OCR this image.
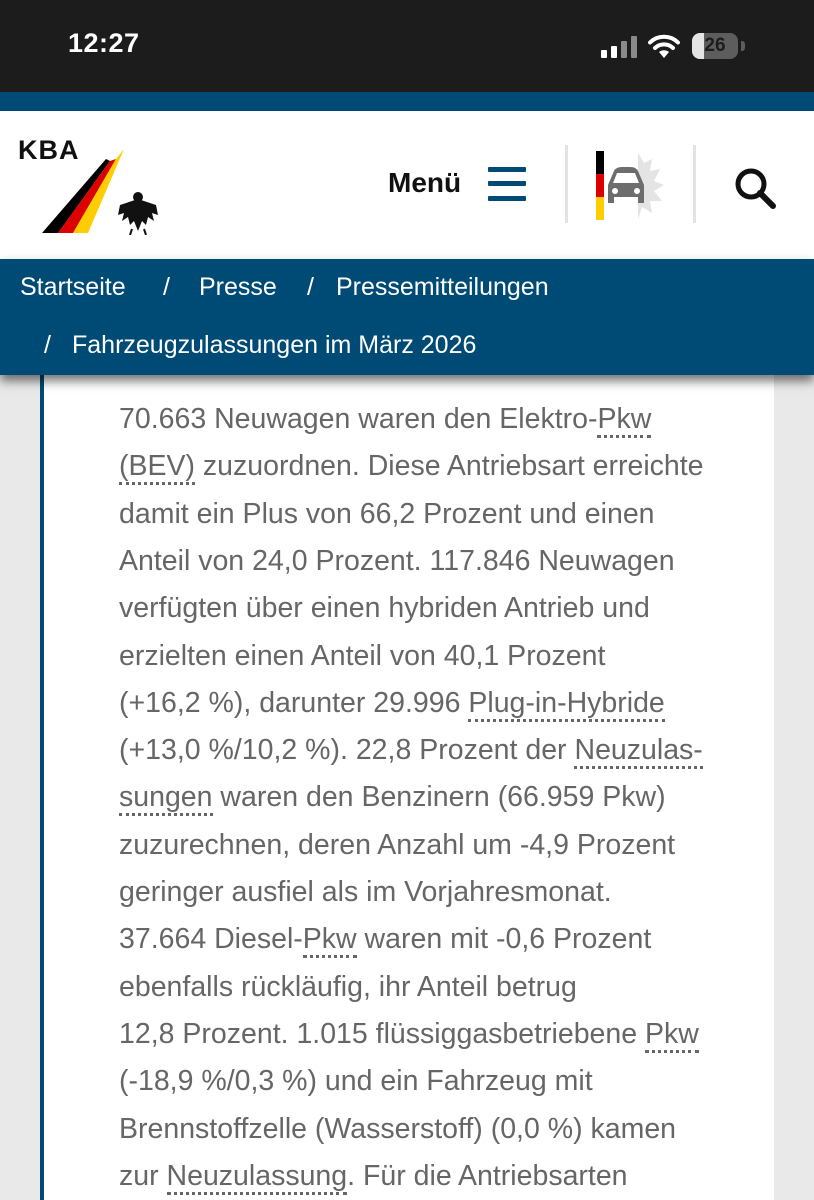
12:27	26
KBA
Menü
Startseite / Presse / Pressemitteilungen
/ Fahrzeugzulassungen im März 2026
70.663 Neuwagen waren den Elektro-Pkw
(BEV) zuzuordnen. Diese Antriebsart erreichte
damit ein Plus von 66,2 Prozent und einen
Anteil von 24,0 Prozent. 117.846 Neuwagen
verfügten über einen hybriden Antrieb und
erzielten einen Anteil von 40,1 Prozent
(+16,2 %), darunter 29.996 Plug-in-Hybride
(+13,0 %/10,2 %). 22,8 Prozent der Neuzulas-
sungen waren den Benzinern (66.959 Pkw)
zuzurechnen, deren Anzahl um -4,9 Prozent
geringer ausfiel als im Vorjahresmonat.
37.664 Diesel-Pkw waren mit -0,6 Prozent
ebenfalls rückläufig, ihr Anteil betrug
12,8 Prozent. 1.015 flüssiggasbetriebene Pkw
(-18,9 %/0,3 %) und ein Fahrzeug mit
Brennstoffzelle (Wasserstoff) (0,0 %) kamen
zur Neuzulassung. Für die Antriebsarten
